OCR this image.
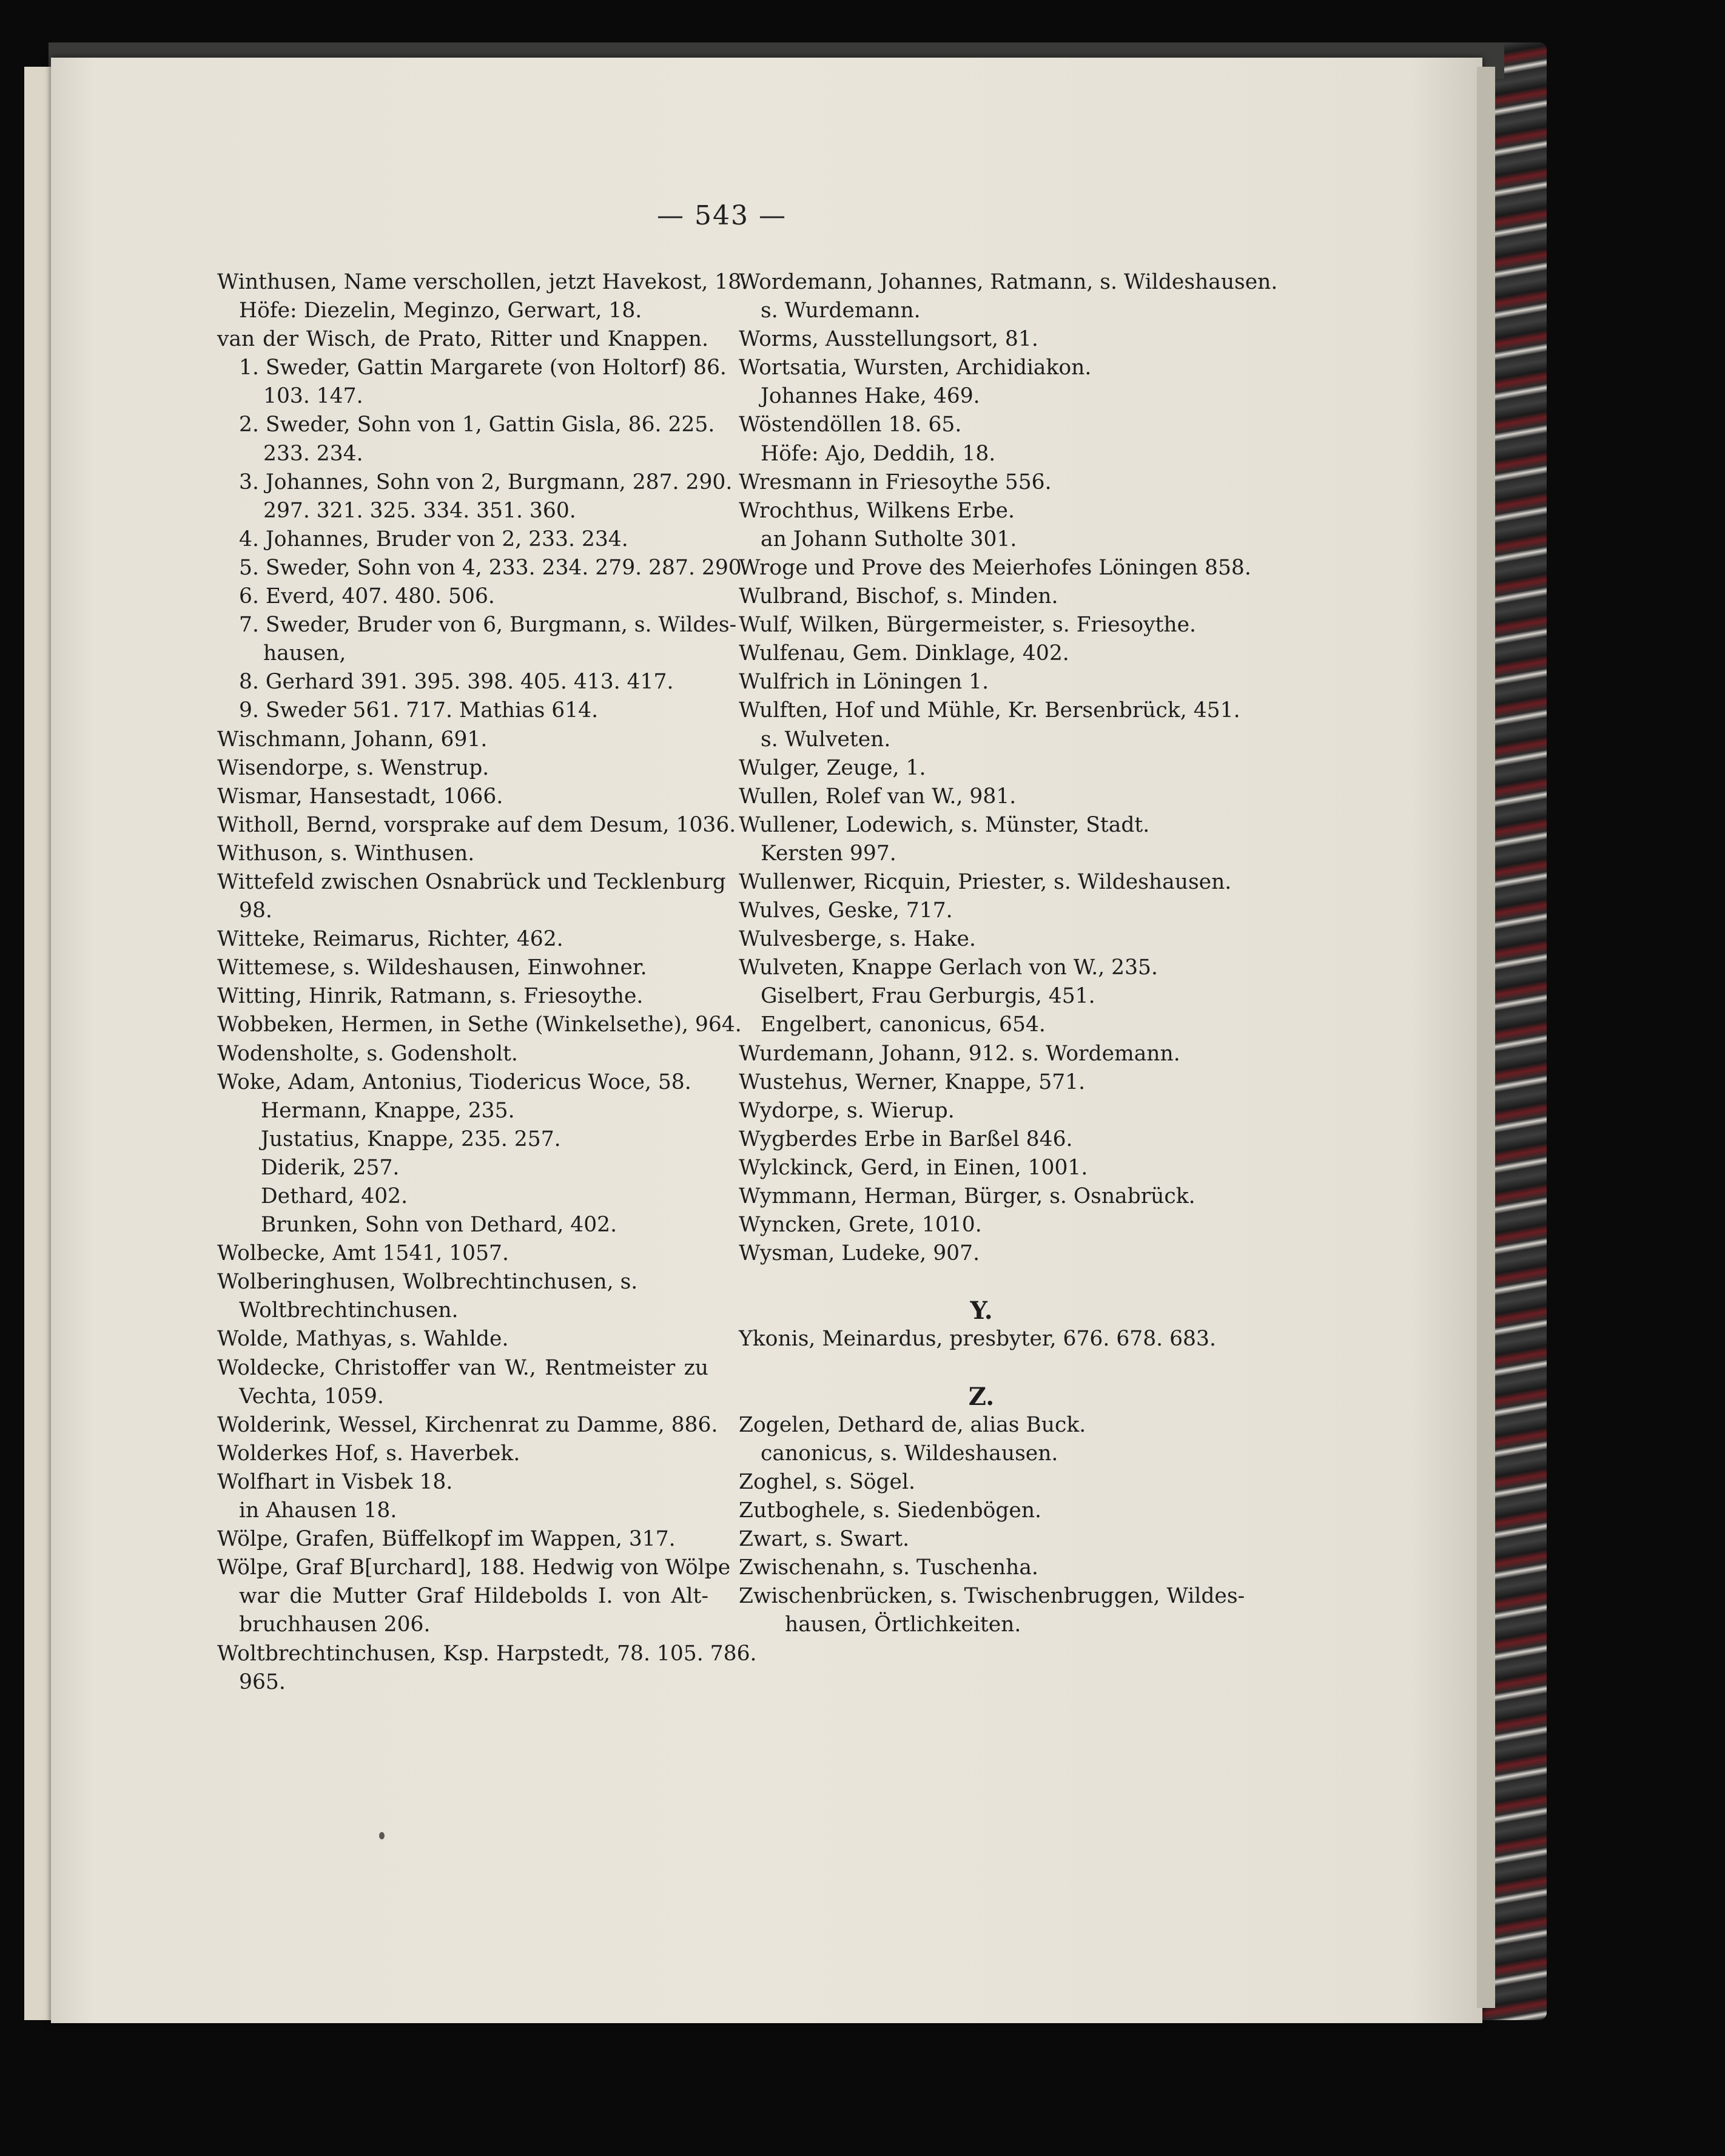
— 543 —
Winthusen, Name verschollen, jetzt Havekost, 18.
Höfe: Diezelin, Meginzo, Gerwart, 18.
van der Wisch, de Prato, Ritter und Knappen.
1. Sweder, Gattin Margarete (von Holtorf) 86.
103. 147.
2. Sweder, Sohn von 1, Gattin Gisla, 86. 225.
233. 234.
3. Johannes, Sohn von 2, Burgmann, 287. 290.
297. 321. 325. 334. 351. 360.
4. Johannes, Bruder von 2, 233. 234.
5. Sweder, Sohn von 4, 233. 234. 279. 287. 290.
6. Everd, 407. 480. 506.
7. Sweder, Bruder von 6, Burgmann, s. Wildes-
hausen,
8. Gerhard 391. 395. 398. 405. 413. 417.
9. Sweder 561. 717. Mathias 614.
Wischmann, Johann, 691.
Wisendorpe, s. Wenstrup.
Wismar, Hansestadt, 1066.
Witholl, Bernd, vorsprake auf dem Desum, 1036.
Withuson, s. Winthusen.
Wittefeld zwischen Osnabrück und Tecklenburg
98.
Witteke, Reimarus, Richter, 462.
Wittemese, s. Wildeshausen, Einwohner.
Witting, Hinrik, Ratmann, s. Friesoythe.
Wobbeken, Hermen, in Sethe (Winkelsethe), 964.
Wodensholte, s. Godensholt.
Woke, Adam, Antonius, Tiodericus Woce, 58.
Hermann, Knappe, 235.
Justatius, Knappe, 235. 257.
Diderik, 257.
Dethard, 402.
Brunken, Sohn von Dethard, 402.
Wolbecke, Amt 1541, 1057.
Wolberinghusen, Wolbrechtinchusen, s.
Woltbrechtinchusen.
Wolde, Mathyas, s. Wahlde.
Woldecke, Christoffer van W., Rentmeister zu
Vechta, 1059.
Wolderink, Wessel, Kirchenrat zu Damme, 886.
Wolderkes Hof, s. Haverbek.
Wolfhart in Visbek 18.
in Ahausen 18.
Wölpe, Grafen, Büffelkopf im Wappen, 317.
Wölpe, Graf B[urchard], 188. Hedwig von Wölpe
war die Mutter Graf Hildebolds I. von Alt-
bruchhausen 206.
Woltbrechtinchusen, Ksp. Harpstedt, 78. 105. 786.
965.
Wordemann, Johannes, Ratmann, s. Wildeshausen.
s. Wurdemann.
Worms, Ausstellungsort, 81.
Wortsatia, Wursten, Archidiakon.
Johannes Hake, 469.
Wöstendöllen 18. 65.
Höfe: Ajo, Deddih, 18.
Wresmann in Friesoythe 556.
Wrochthus, Wilkens Erbe.
an Johann Sutholte 301.
Wroge und Prove des Meierhofes Löningen 858.
Wulbrand, Bischof, s. Minden.
Wulf, Wilken, Bürgermeister, s. Friesoythe.
Wulfenau, Gem. Dinklage, 402.
Wulfrich in Löningen 1.
Wulften, Hof und Mühle, Kr. Bersenbrück, 451.
s. Wulveten.
Wulger, Zeuge, 1.
Wullen, Rolef van W., 981.
Wullener, Lodewich, s. Münster, Stadt.
Kersten 997.
Wullenwer, Ricquin, Priester, s. Wildeshausen.
Wulves, Geske, 717.
Wulvesberge, s. Hake.
Wulveten, Knappe Gerlach von W., 235.
Giselbert, Frau Gerburgis, 451.
Engelbert, canonicus, 654.
Wurdemann, Johann, 912. s. Wordemann.
Wustehus, Werner, Knappe, 571.
Wydorpe, s. Wierup.
Wygberdes Erbe in Barßel 846.
Wylckinck, Gerd, in Einen, 1001.
Wymmann, Herman, Bürger, s. Osnabrück.
Wyncken, Grete, 1010.
Wysman, Ludeke, 907.
Y.
Ykonis, Meinardus, presbyter, 676. 678. 683.
Z.
Zogelen, Dethard de, alias Buck.
canonicus, s. Wildeshausen.
Zoghel, s. Sögel.
Zutboghele, s. Siedenbögen.
Zwart, s. Swart.
Zwischenahn, s. Tuschenha.
Zwischenbrücken, s. Twischenbruggen, Wildes-
hausen, Örtlichkeiten.
